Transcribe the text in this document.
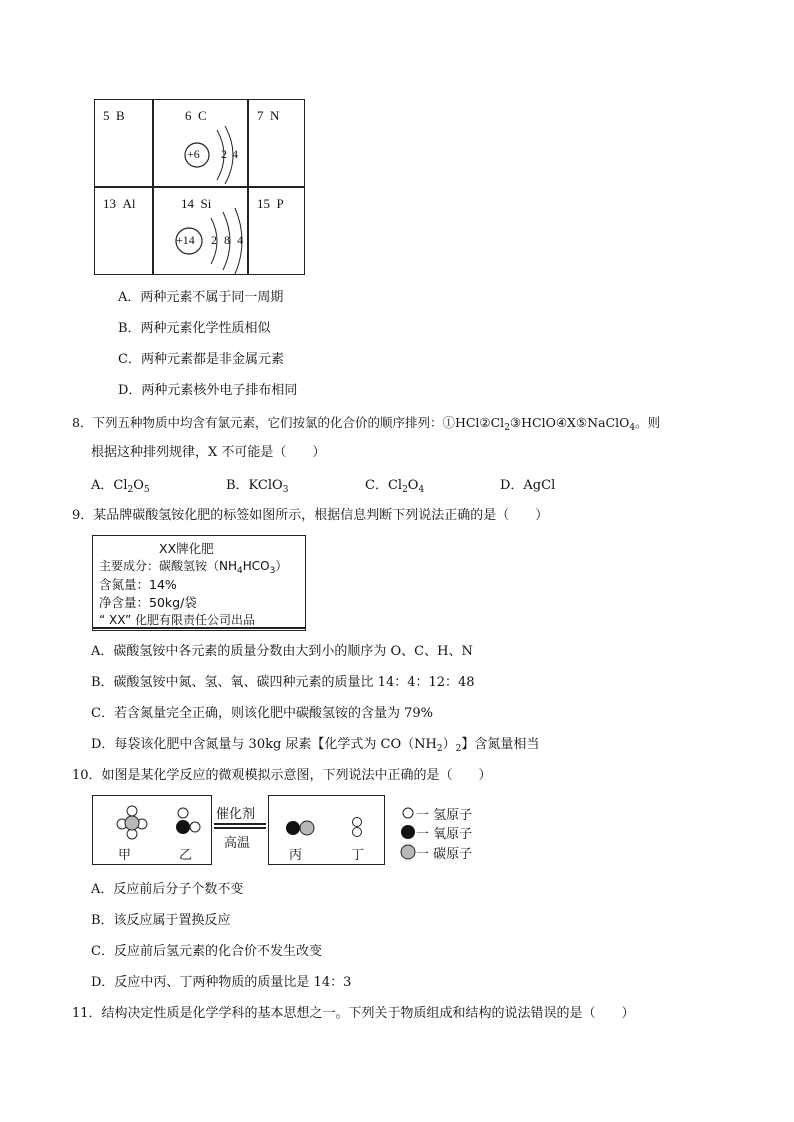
5 B	6 C	7 N
+6 2 4
13 Al	14 Si	15 P
+14 2 8 4
A．两种元素不属于同一周期
B．两种元素化学性质相似
C．两种元素都是非金属元素
D．两种元素核外电子排布相同
8．下列五种物质中均含有氯元素，它们按氯的化合价的顺序排列：$①HCl②Cl_2③HClO④X⑤NaClO_4$。则
根据这种排列规律，X 不可能是（　　）
A．$Cl_2O_5$	B．KClO$_3$	C．$Cl_2O_4$	D．AgCl
9．某品牌碳酸氢铵化肥的标签如图所示，根据信息判断下列说法正确的是（　　）
XX牌化肥
主要成分：碳酸氢铵$(NH_4HCO_3)$
含氮量：14%
净含量：50kg/袋
“ XX” 化肥有限责任公司出品
A．碳酸氢铵中各元素的质量分数由大到小的顺序为 O、C、H、N
B．碳酸氢铵中氮、氢、氧、碳四种元素的质量比 14：4：12：48
C．若含氮量完全正确，则该化肥中碳酸氢铵的含量为 79%
D．每袋该化肥中含氮量与 30kg 尿素【化学式为 $CO(NH_2)_2$】含氮量相当
10．如图是某化学反应的微观模拟示意图，下列说法中正确的是（　　）
甲	乙
催化剂
高温
丙	丁
一 氢原子
一 氧原子
一 碳原子
A．反应前后分子个数不变
B．该反应属于置换反应
C．反应前后氢元素的化合价不发生改变
D．反应中丙、丁两种物质的质量比是 14：3
11．结构决定性质是化学学科的基本思想之一。下列关于物质组成和结构的说法错误的是（　　）
